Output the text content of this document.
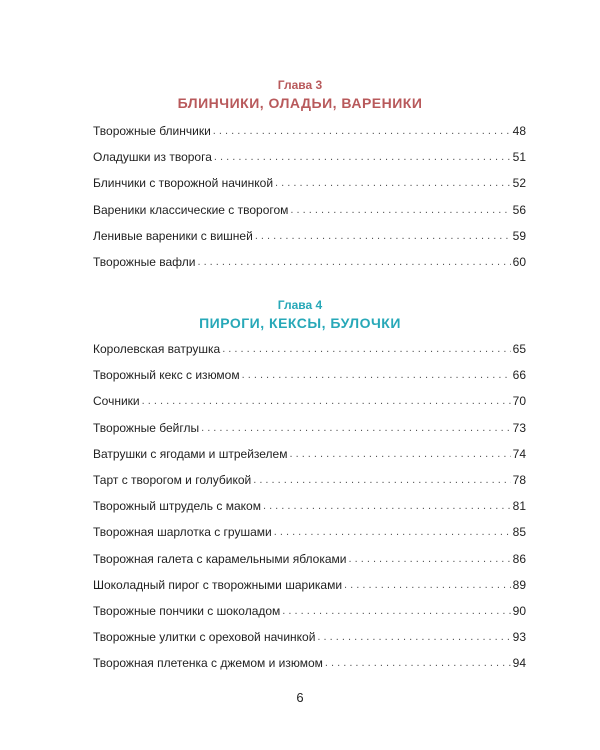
Глава 3
БЛИНЧИКИ, ОЛАДЬИ, ВАРЕНИКИ
Творожные блинчики . . .	48
Оладушки из творога . . .	51
Блинчики с творожной начинкой . . .	52
Вареники классические с творогом . . .	56
Ленивые вареники с вишней . . .	59
Творожные вафли . . .	60
Глава 4
ПИРОГИ, КЕКСЫ, БУЛОЧКИ
Королевская ватрушка . . .	65
Творожный кекс с изюмом . . .	66
Сочники . . .	70
Творожные бейглы . . .	73
Ватрушки с ягодами и штрейзелем . . .	74
Тарт с творогом и голубикой . . .	78
Творожный штрудель с маком . . .	81
Творожная шарлотка с грушами . . .	85
Творожная галета с карамельными яблоками . . .	86
Шоколадный пирог с творожными шариками . . .	89
Творожные пончики с шоколадом . . .	90
Творожные улитки с ореховой начинкой . . .	93
Творожная плетенка с джемом и изюмом . . .	94
6
